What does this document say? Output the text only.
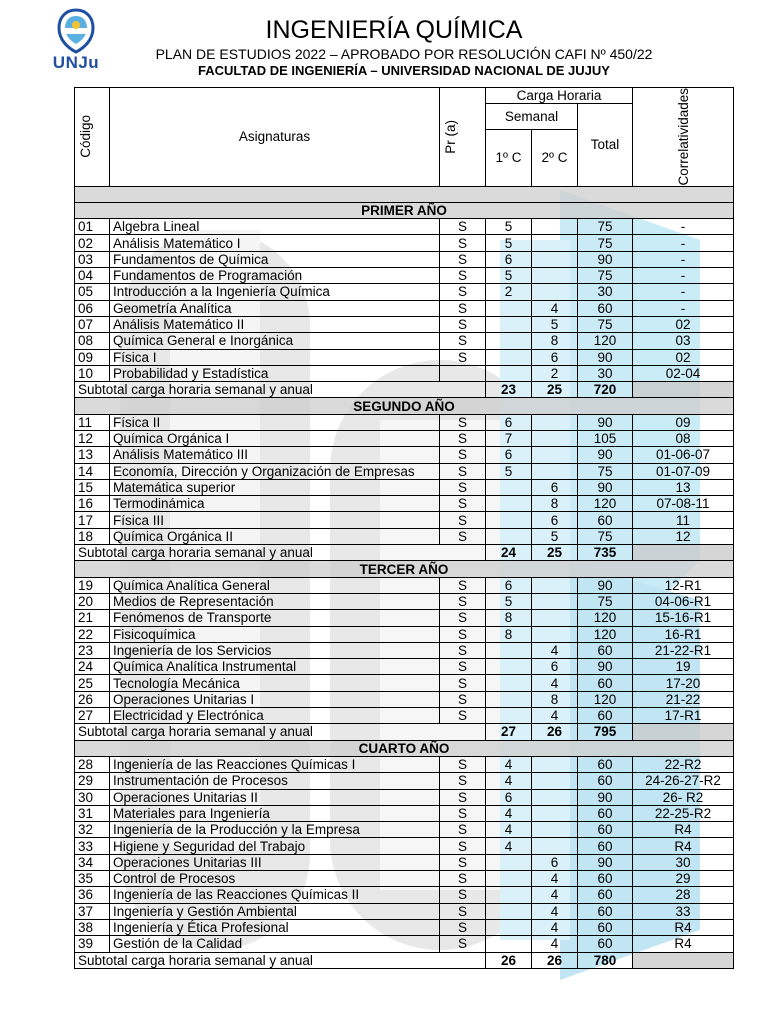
UNJu
INGENIERÍA QUÍMICA
PLAN DE ESTUDIOS 2022 – APROBADO POR RESOLUCIÓN CAFI Nº 450/22
FACULTAD DE INGENIERÍA – UNIVERSIDAD NACIONAL DE JUJUY
Código	Asignaturas	Pr (a)	Carga Horaria			Correlatividades

			Semanal		Total	
			1º C	2º C		

PRIMER AÑO						
01	Algebra Lineal	S	5		75	-
02	Análisis Matemático I	S	5		75	-
03	Fundamentos de Química	S	6		90	-
04	Fundamentos de Programación	S	5		75	-
05	Introducción a la Ingeniería Química	S	2		30	-
06	Geometría Analítica	S		4	60	-
07	Análisis Matemático II	S		5	75	02
08	Química General e Inorgánica	S		8	120	03
09	Física I	S		6	90	02
10	Probabilidad y Estadística			2	30	02-04
Subtotal carga horaria semanal y anual			23	25	720	
SEGUNDO AÑO						
11	Física II	S	6		90	09
12	Química Orgánica I	S	7		105	08
13	Análisis Matemático III	S	6		90	01-06-07
14	Economía, Dirección y Organización de Empresas	S	5		75	01-07-09
15	Matemática superior	S		6	90	13
16	Termodinámica	S		8	120	07-08-11
17	Física III	S		6	60	11
18	Química Orgánica II	S		5	75	12
Subtotal carga horaria semanal y anual			24	25	735	
TERCER AÑO						
19	Química Analítica General	S	6		90	12-R1
20	Medios de Representación	S	5		75	04-06-R1
21	Fenómenos de Transporte	S	8		120	15-16-R1
22	Fisicoquímica	S	8		120	16-R1
23	Ingeniería de los Servicios	S		4	60	21-22-R1
24	Química Analítica Instrumental	S		6	90	19
25	Tecnología Mecánica	S		4	60	17-20
26	Operaciones Unitarias I	S		8	120	21-22
27	Electricidad y Electrónica	S		4	60	17-R1
Subtotal carga horaria semanal y anual			27	26	795	
CUARTO AÑO						
28	Ingeniería de las Reacciones Químicas I	S	4		60	22-R2
29	Instrumentación de Procesos	S	4		60	24-26-27-R2
30	Operaciones Unitarias II	S	6		90	26- R2
31	Materiales para Ingeniería	S	4		60	22-25-R2
32	Ingeniería de la Producción y la Empresa	S	4		60	R4
33	Higiene y Seguridad del Trabajo	S	4		60	R4
34	Operaciones Unitarias III	S		6	90	30
35	Control de Procesos	S		4	60	29
36	Ingeniería de las Reacciones Químicas II	S		4	60	28
37	Ingeniería y Gestión Ambiental	S		4	60	33
38	Ingeniería y Ética Profesional	S		4	60	R4
39	Gestión de la Calidad	S		4	60	R4
Subtotal carga horaria semanal y anual			26	26	780	
